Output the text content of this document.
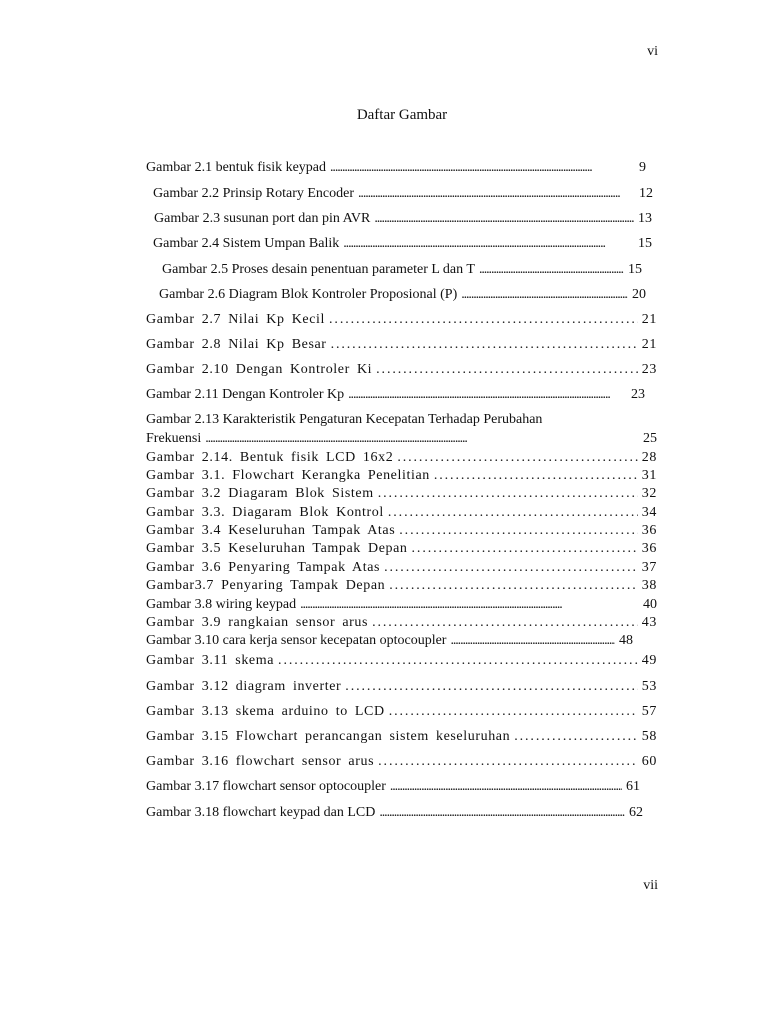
vi
Daftar Gambar
Gambar 2.1 bentuk fisik keypad . . .	9
Gambar 2.2 Prinsip Rotary Encoder . . .	12
Gambar 2.3 susunan port dan pin AVR . . .	13
Gambar 2.4 Sistem Umpan Balik . . .	15
Gambar 2.5 Proses desain penentuan parameter L dan T . . .	15
Gambar 2.6 Diagram Blok Kontroler Proposional (P) . . .	20
Gambar 2.7 Nilai Kp Kecil . . .	21
Gambar 2.8 Nilai Kp Besar . . .	21
Gambar 2.10 Dengan Kontroler Ki . . .	23
Gambar 2.11 Dengan Kontroler Kp . . .	23
Gambar 2.13 Karakteristik Pengaturan Kecepatan Terhadap Perubahan
Frekuensi . . .	25
Gambar 2.14. Bentuk fisik LCD 16x2 . . .	28
Gambar 3.1. Flowchart Kerangka Penelitian . . .	31
Gambar 3.2 Diagaram Blok Sistem . . .	32
Gambar 3.3. Diagaram Blok Kontrol . . .	34
Gambar 3.4 Keseluruhan Tampak Atas . . .	36
Gambar 3.5 Keseluruhan Tampak Depan . . .	36
Gambar 3.6 Penyaring Tampak Atas . . .	37
Gambar3.7 Penyaring Tampak Depan . . .	38
Gambar 3.8 wiring keypad . . .	40
Gambar 3.9 rangkaian sensor arus . . .	43
Gambar 3.10 cara kerja sensor kecepatan optocoupler . . .	48
Gambar 3.11 skema . . .	49
Gambar 3.12 diagram inverter . . .	53
Gambar 3.13 skema arduino to LCD . . .	57
Gambar 3.15 Flowchart perancangan sistem keseluruhan . . .	58
Gambar 3.16 flowchart sensor arus . . .	60
Gambar 3.17 flowchart sensor optocoupler . . .	61
Gambar 3.18 flowchart keypad dan LCD . . .	62
vii
